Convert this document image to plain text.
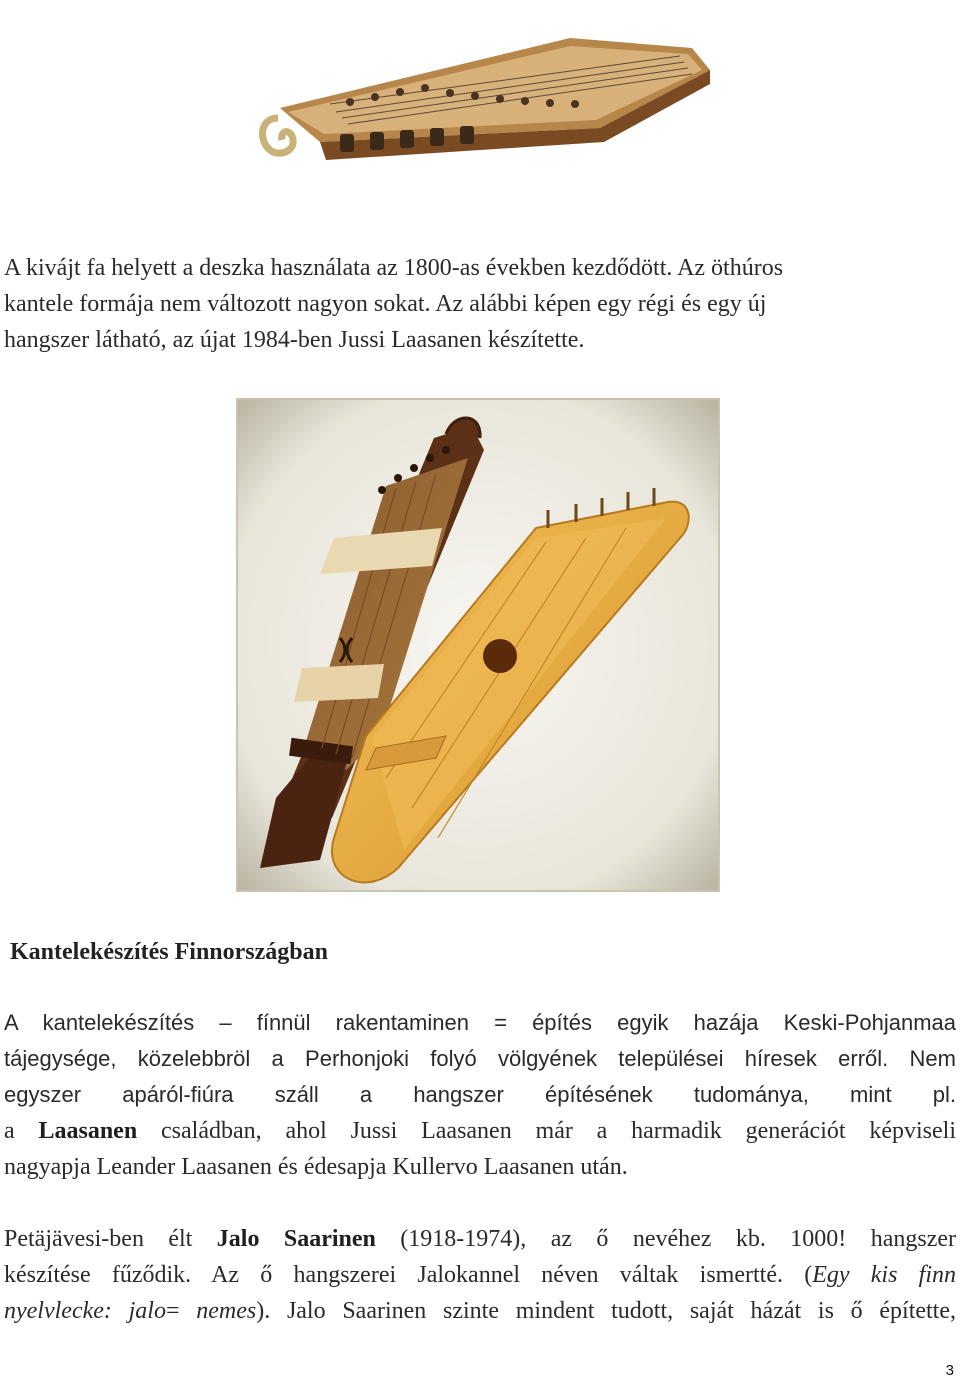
A kivájt fa helyett a deszka használata az 1800-as években kezdődött. Az öthúros
kantele formája nem változott nagyon sokat. Az alábbi képen egy régi és egy új
hangszer látható, az újat 1984-ben Jussi Laasanen készítette.

Kantelekészítés Finnországban

A kantelekészítés – fínnül rakentaminen = építés egyik hazája Keski-Pohjanmaa
tájegysége, közelebbröl a Perhonjoki folyó völgyének települései híresek erről. Nem
egyszer apáról-fiúra száll a hangszer építésének tudománya, mint pl.

a Laasanen családban, ahol Jussi Laasanen már a harmadik generációt képviseli
nagyapja Leander Laasanen és édesapja Kullervo Laasanen után.

Petäjävesi-ben élt Jalo Saarinen (1918-1974), az ő nevéhez kb. 1000! hangszer
készítése fűződik. Az ő hangszerei Jalokannel néven váltak ismertté. (Egy kis finn
nyelvlecke: jalo= nemes). Jalo Saarinen szinte mindent tudott, saját házát is ő építette,

3
